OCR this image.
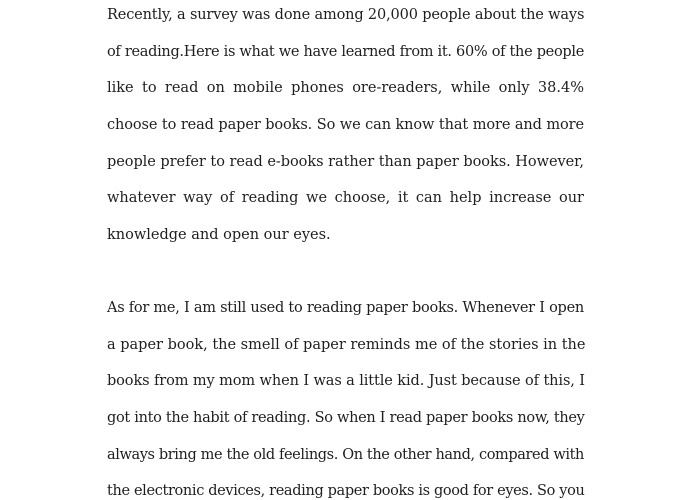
Recently, a survey was done among 20,000 people about the ways
of reading.Here is what we have learned from it. 60% of the people
like to read on mobile phones ore-readers, while only 38.4%
choose to read paper books. So we can know that more and more
people prefer to read e-books rather than paper books. However,
whatever way of reading we choose, it can help increase our
knowledge and open our eyes.
As for me, I am still used to reading paper books. Whenever I open
a paper book, the smell of paper reminds me of the stories in the
books from my mom when I was a little kid. Just because of this, I
got into the habit of reading. So when I read paper books now, they
always bring me the old feelings. On the other hand, compared with
the electronic devices, reading paper books is good for eyes. So you
